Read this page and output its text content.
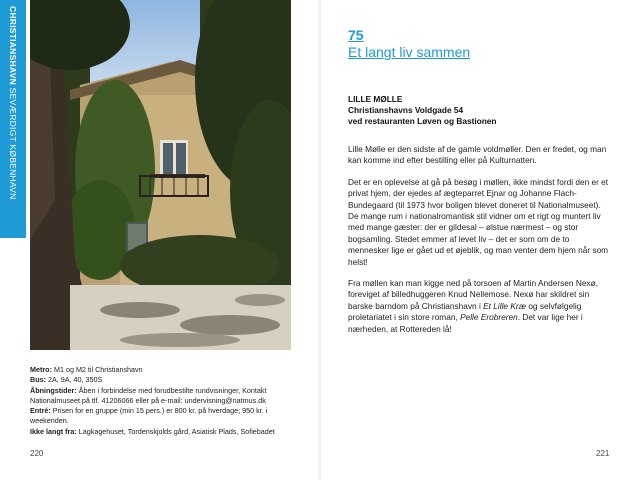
CHRISTIANSHAVN SEVÆRDIGT KØBENHAVN

Metro: M1 og M2 til Christianshavn

Bus: 2A, 9A, 40, 350S

Åbningstider: Åben i forbindelse med forudbestilte rundvisninger, Kontakt Nationalmuseet på tlf. 41206066 eller på e-mail: undervisning@natmus.dk

Entré: Prisen for en gruppe (min 15 pers.) er 800 kr. på hverdage; 950 kr. i weekenden.

Ikke langt fra: Lagkagehuset, Tordenskjolds gård, Asiatisk Plads, Sofiebadet

220
75
Et langt liv sammen
LILLE MØLLE
Christianshavns Voldgade 54
ved restauranten Løven og Bastionen

Lille Mølle er den sidste af de gamle voldmøller. Den er fredet, og man kan komme ind efter bestilling eller på Kulturnatten.

Det er en oplevelse at gå på besøg i møllen, ikke mindst fordi den er et privat hjem, der ejedes af ægteparret Ejnar og Johanne Flach-Bundegaard (til 1973 hvor boligen blevet doneret til Nationalmuseet). De mange rum i nationalromantisk stil vidner om et rigt og muntert liv med mange gæster: der er gildesal – ølstue nærmest – og stor bogsamling. Stedet emmer af levet liv – det er som om de to mennesker lige er gået ud et øjeblik, og man venter dem hjem når som helst!

Fra møllen kan man kigge ned på torsoen af Martin Andersen Nexø, foreviget af billedhuggeren Knud Nellemose. Nexø har skildret sin barske barndom på Christianshavn i Et Lille Kræ og selvfølgelig proletariatet i sin store roman, Pelle Erobreren. Det var lige her i nærheden, at Rottereden lå!

221
